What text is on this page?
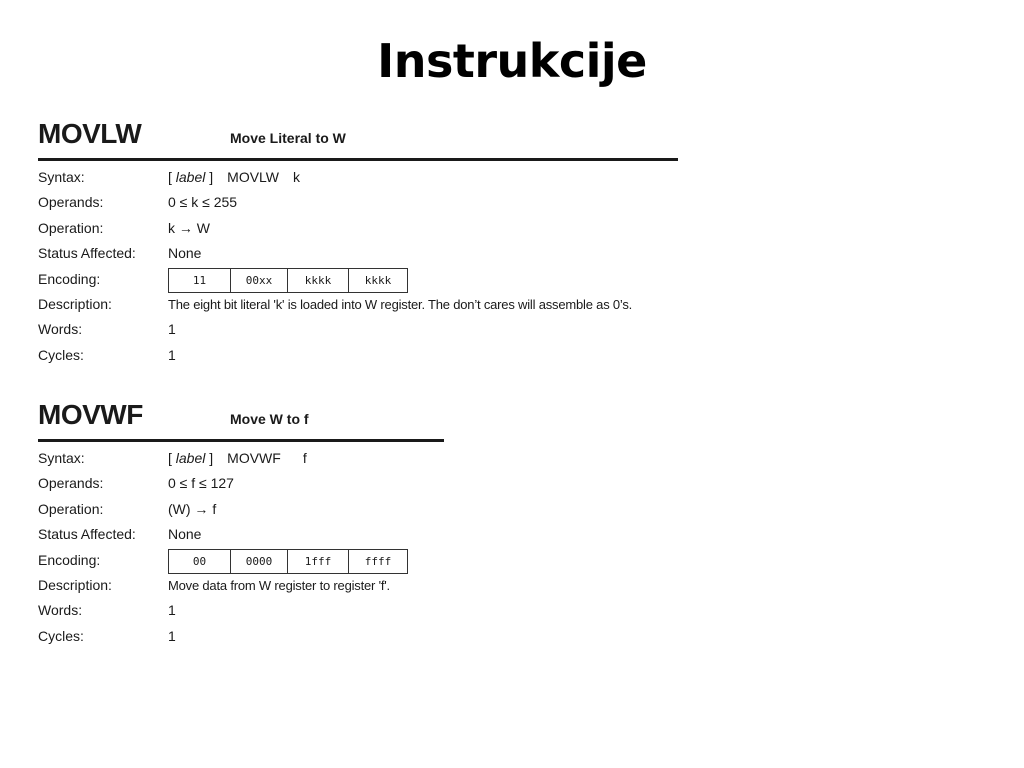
Instrukcije
MOVLW	Move Literal to W
Syntax:	[ label ] MOVLW k
Operands:	0 ≤ k ≤ 255
Operation:	k → W
Status Affected: None
Encoding:	11	00xx	kkkk	kkkk
Description:	The eight bit literal 'k' is loaded into W register. The don’t cares will assemble as 0’s.
Words:	1
Cycles:	1
MOVWF	Move W to f
Syntax:	[ label ] MOVWF f
Operands:	0 ≤ f ≤ 127
Operation:	(W) → f
Status Affected: None
Encoding:	00	0000	1fff	ffff
Description:	Move data from W register to register 'f'.
Words:	1
Cycles:	1
